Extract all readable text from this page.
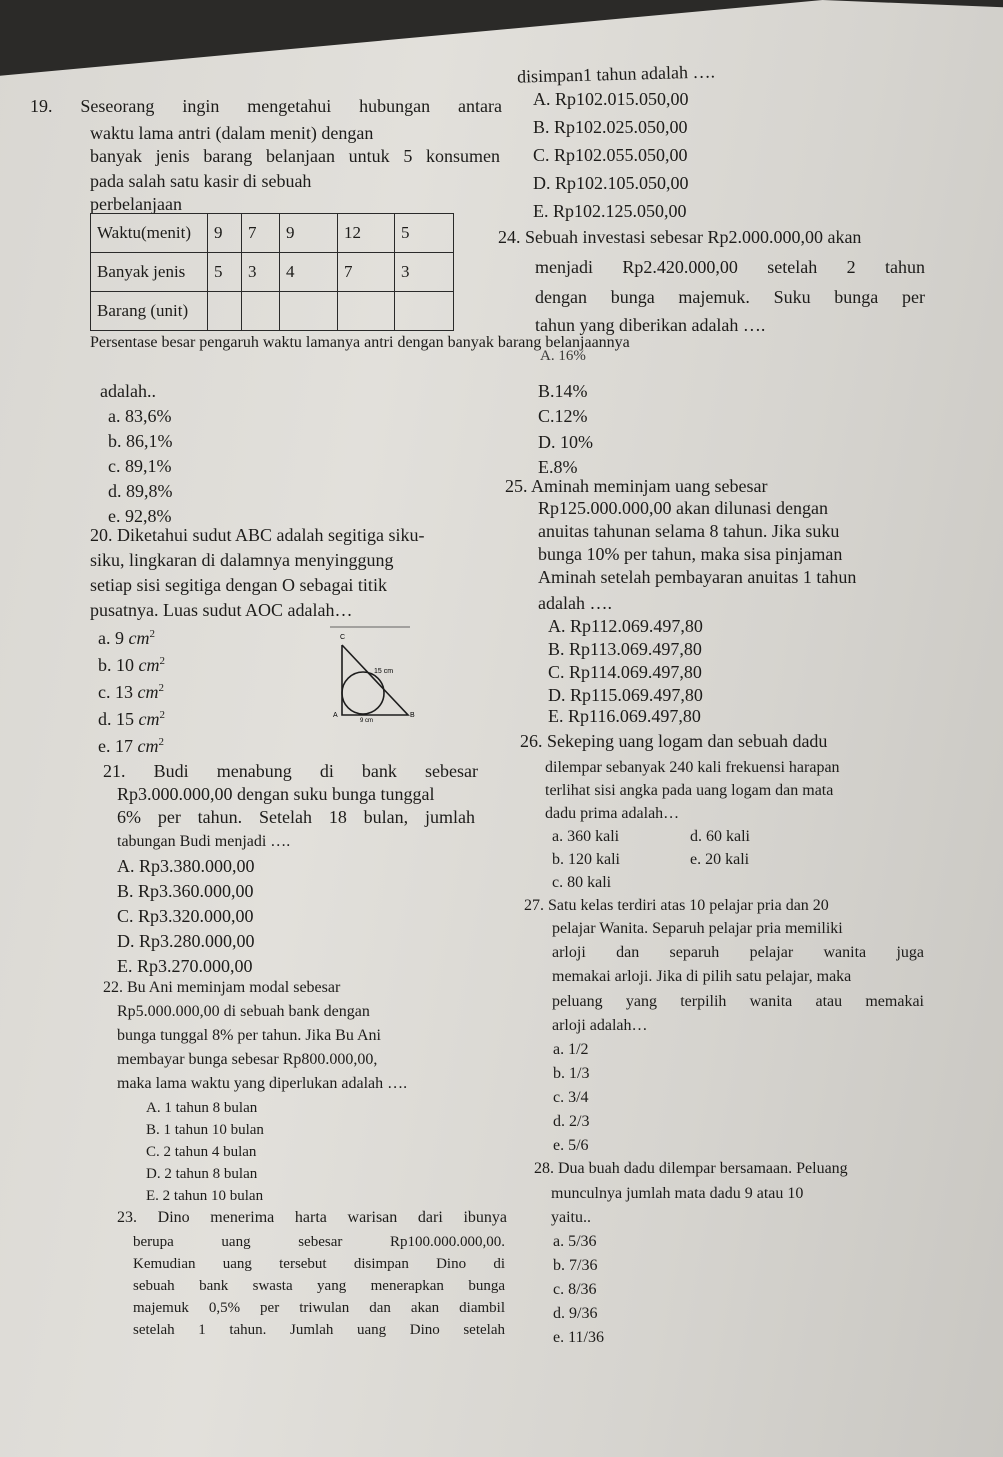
19. Seseorang ingin mengetahui hubungan antara
waktu lama antri (dalam menit) dengan
banyak jenis barang belanjaan untuk 5 konsumen
pada salah satu kasir di sebuah
perbelanjaan
Waktu(menit)	9	7	9	12	5
Banyak jenis	5	3	4	7	3
Barang (unit)					
Persentase besar pengaruh waktu lamanya antri dengan banyak barang belanjaannya
adalah..
a. 83,6%
b. 86,1%
c. 89,1%
d. 89,8%
e. 92,8%
disimpan1 tahun adalah ….
A. Rp102.015.050,00
B. Rp102.025.050,00
C. Rp102.055.050,00
D. Rp102.105.050,00
E. Rp102.125.050,00
24. Sebuah investasi sebesar Rp2.000.000,00 akan
menjadi Rp2.420.000,00 setelah 2 tahun
dengan bunga majemuk. Suku bunga per
tahun yang diberikan adalah ….
A. 16%
B.14%
C.12%
D. 10%
E.8%
20. Diketahui sudut ABC adalah segitiga siku-
siku, lingkaran di dalamnya menyinggung
setiap sisi segitiga dengan O sebagai titik
pusatnya. Luas sudut AOC adalah…
a. 9 $cm^2$
b. 10 $cm^2$
c. 13 $cm^2$
d. 15 $cm^2$
e. 17 $cm^2$
C
A	B
15 cm
9 cm
25. Aminah meminjam uang sebesar
Rp125.000.000,00 akan dilunasi dengan
anuitas tahunan selama 8 tahun. Jika suku
bunga 10% per tahun, maka sisa pinjaman
Aminah setelah pembayaran anuitas 1 tahun
adalah ….
A. Rp112.069.497,80
B. Rp113.069.497,80
C. Rp114.069.497,80
D. Rp115.069.497,80
E. Rp116.069.497,80
26. Sekeping uang logam dan sebuah dadu
dilempar sebanyak 240 kali frekuensi harapan
terlihat sisi angka pada uang logam dan mata
dadu prima adalah…
a. 360 kali	d. 60 kali
b. 120 kali	e. 20 kali
c. 80 kali
21. Budi menabung di bank sebesar
Rp3.000.000,00 dengan suku bunga tunggal
6% per tahun. Setelah 18 bulan, jumlah
tabungan Budi menjadi ….
A. Rp3.380.000,00
B. Rp3.360.000,00
C. Rp3.320.000,00
D. Rp3.280.000,00
E. Rp3.270.000,00
27. Satu kelas terdiri atas 10 pelajar pria dan 20
pelajar Wanita. Separuh pelajar pria memiliki
arloji dan separuh pelajar wanita juga
memakai arloji. Jika di pilih satu pelajar, maka
peluang yang terpilih wanita atau memakai
arloji adalah…
a. 1/2
b. 1/3
c. 3/4
d. 2/3
e. 5/6
22. Bu Ani meminjam modal sebesar
Rp5.000.000,00 di sebuah bank dengan
bunga tunggal 8% per tahun. Jika Bu Ani
membayar bunga sebesar Rp800.000,00,
maka lama waktu yang diperlukan adalah ….
A. 1 tahun 8 bulan
B. 1 tahun 10 bulan
C. 2 tahun 4 bulan
D. 2 tahun 8 bulan
E. 2 tahun 10 bulan
28. Dua buah dadu dilempar bersamaan. Peluang
munculnya jumlah mata dadu 9 atau 10
yaitu..
a. 5/36
b. 7/36
c. 8/36
d. 9/36
e. 11/36
23. Dino menerima harta warisan dari ibunya
berupa uang sebesar Rp100.000.000,00.
Kemudian uang tersebut disimpan Dino di
sebuah bank swasta yang menerapkan bunga
majemuk 0,5% per triwulan dan akan diambil
setelah 1 tahun. Jumlah uang Dino setelah
